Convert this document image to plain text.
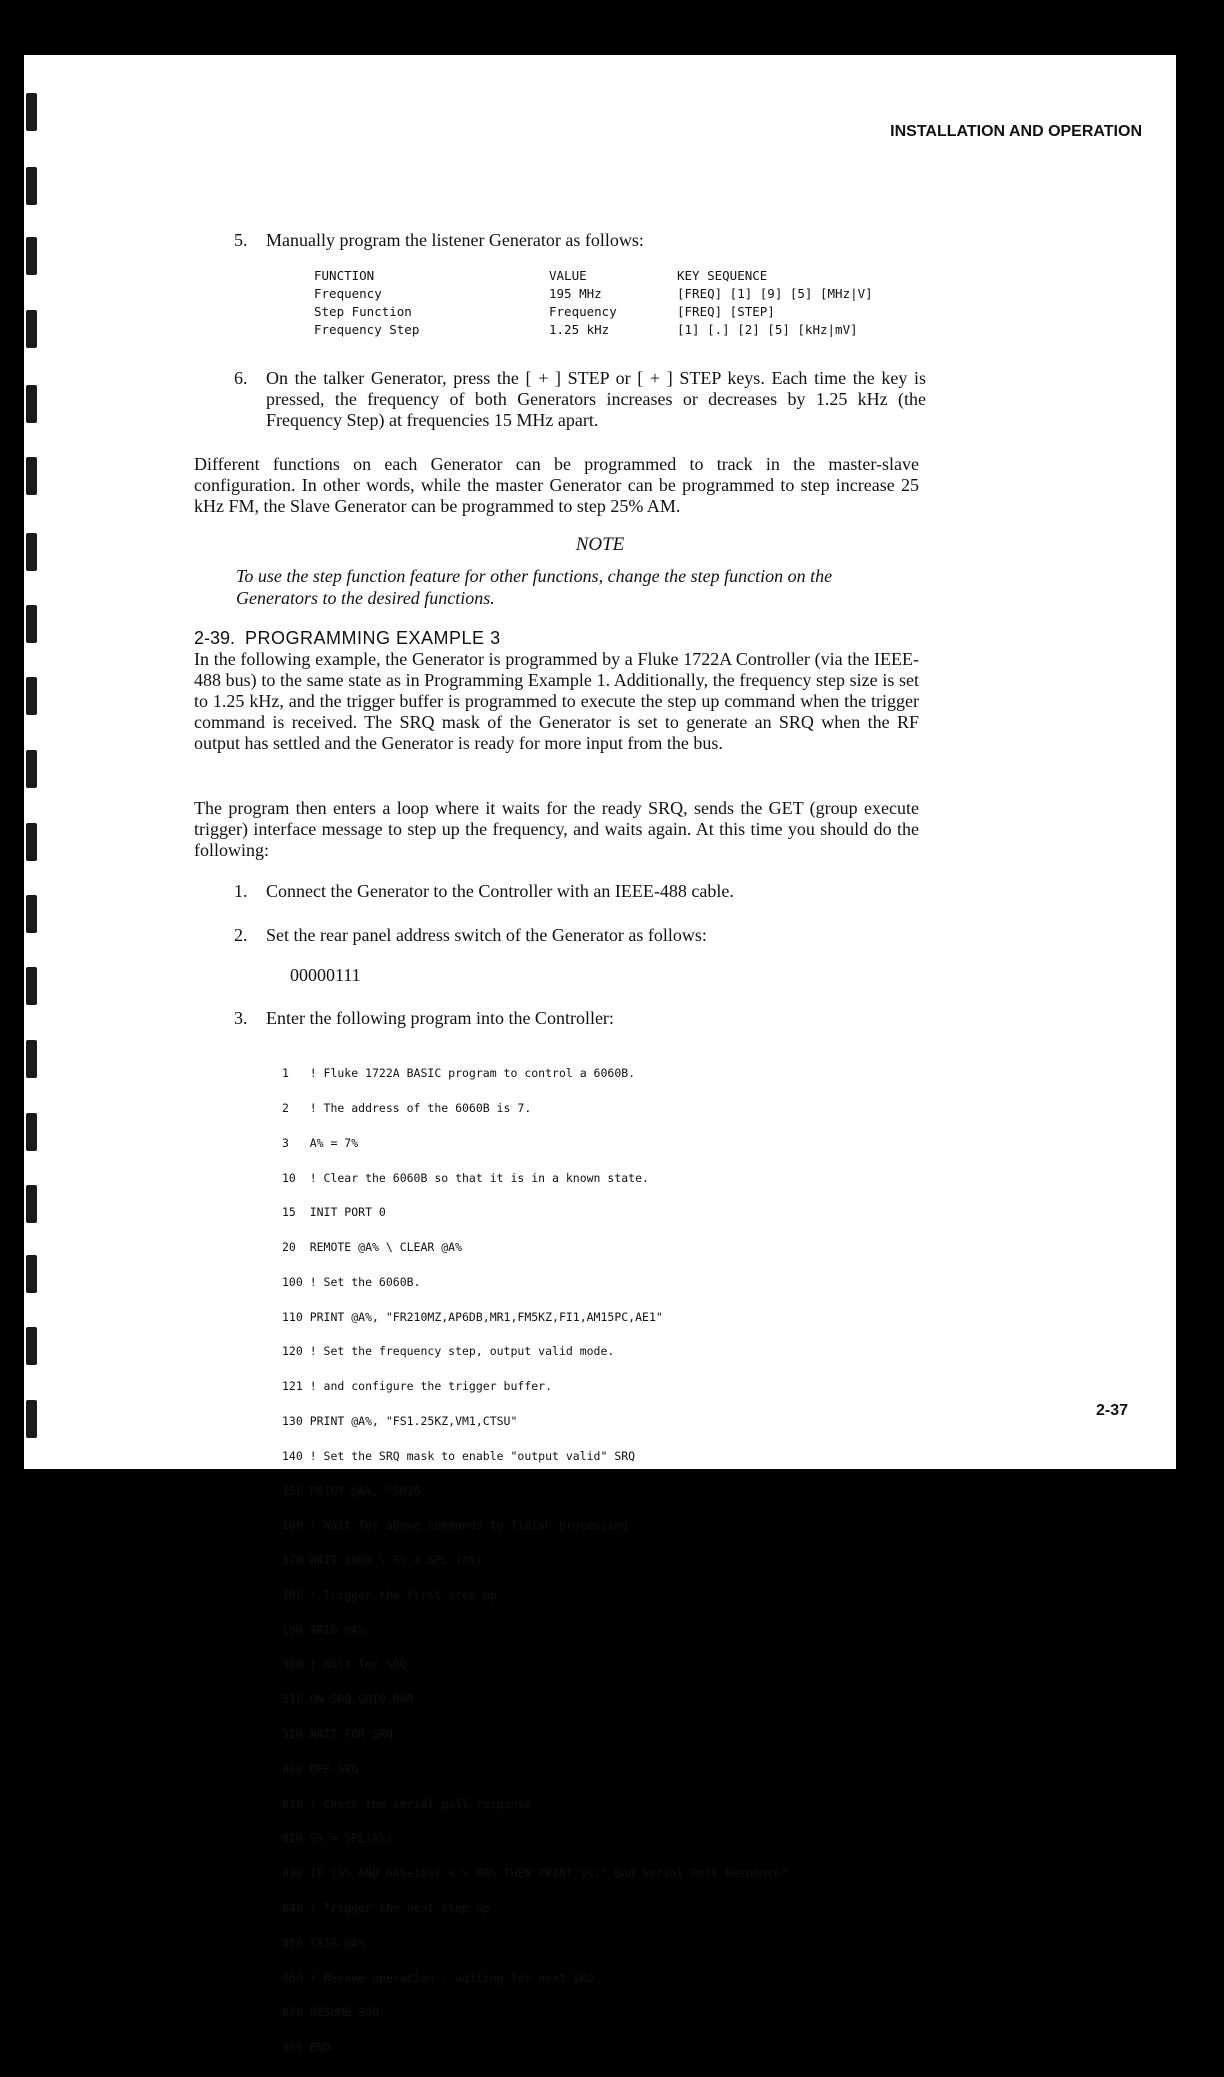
INSTALLATION AND OPERATION
5. Manually program the listener Generator as follows:
FUNCTION	VALUE	KEY SEQUENCE
Frequency	195 MHz	[FREQ] [1] [9] [5] [MHz|V]
Step Function	Frequency	[FREQ] [STEP]
Frequency Step	1.25 kHz	[1] [.] [2] [5] [kHz|mV]
6. On the talker Generator, press the [ + ] STEP or [ + ] STEP keys. Each time the key is pressed, the frequency of both Generators increases or decreases by 1.25 kHz (the Frequency Step) at frequencies 15 MHz apart.
Different functions on each Generator can be programmed to track in the master-slave configuration. In other words, while the master Generator can be programmed to step increase 25 kHz FM, the Slave Generator can be programmed to step 25% AM.
NOTE
To use the step function feature for other functions, change the step function on the Generators to the desired functions.
2-39. PROGRAMMING EXAMPLE 3
In the following example, the Generator is programmed by a Fluke 1722A Controller (via the IEEE-488 bus) to the same state as in Programming Example 1. Additionally, the frequency step size is set to 1.25 kHz, and the trigger buffer is programmed to execute the step up command when the trigger command is received. The SRQ mask of the Generator is set to generate an SRQ when the RF output has settled and the Generator is ready for more input from the bus.
The program then enters a loop where it waits for the ready SRQ, sends the GET (group execute trigger) interface message to step up the frequency, and waits again. At this time you should do the following:
1. Connect the Generator to the Controller with an IEEE-488 cable.
2. Set the rear panel address switch of the Generator as follows:
00000111
3. Enter the following program into the Controller:

1   ! Fluke 1722A BASIC program to control a 6060B.

2   ! The address of the 6060B is 7.

3   A% = 7%

10  ! Clear the 6060B so that it is in a known state.

15  INIT PORT 0

20  REMOTE @A% \ CLEAR @A%

100 ! Set the 6060B.

110 PRINT @A%, "FR210MZ,AP6DB,MR1,FM5KZ,FI1,AM15PC,AE1"

120 ! Set the frequency step, output valid mode.

121 ! and configure the trigger buffer.

130 PRINT @A%, "FS1.25KZ,VM1,CTSU"

140 ! Set the SRQ mask to enable "output valid" SRQ

150 PRINT @A%, "SM16"

160 ! Wait for above commands to finish processing

170 WAIT 1000 \ S% = SPL (A%)

180 ! Trigger the first step up

190 TRIG @A%

300 ! Wait for SRQ

310 ON SRQ GOTO 800

320 WAIT FOR SRQ

800 OFF SRQ

810 ! Check the serial poll response

820 S% = SPL(A%)

830 IF (S% AND 64%+16%) < > 80% THEN PRINT s%;" Bad Serial Poll Response"

840 ! Trigger the next step up

850 TRIG @A%

860 ! Resume operation-- waiting for next SRQ

870 RESUME 300

999 END

2-37
